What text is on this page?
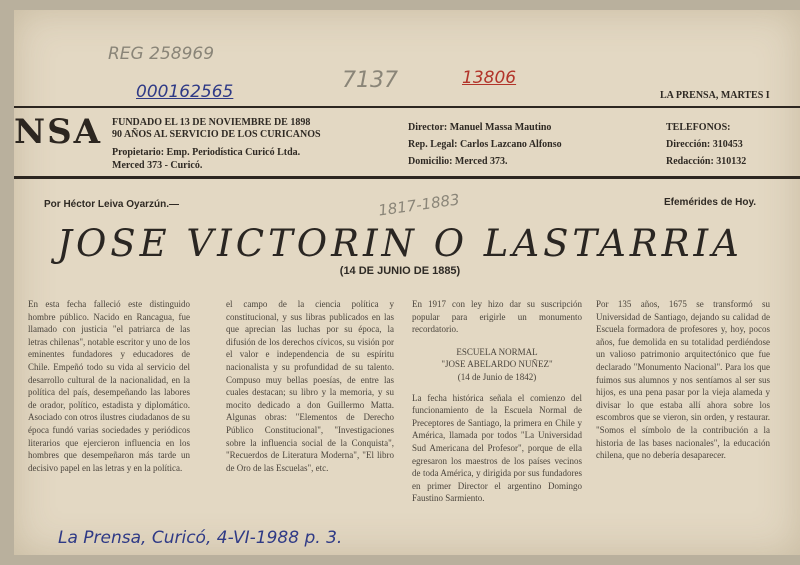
REG 258969
000162565	7137	13806
LA PRENSA, MARTES I
NSA FUNDADO EL 13 DE NOVIEMBRE DE 1898
90 AÑOS AL SERVICIO DE LOS CURICANOS
Propietario: Emp. Periodística Curicó Ltda.
Merced 373 - Curicó.
Director: Manuel Massa Mautino
Rep. Legal: Carlos Lazcano Alfonso
Domicilio: Merced 373.
TELEFONOS:
Dirección: 310453
Redacción: 310132
Por Héctor Leiva Oyarzún.—	Efemérides de Hoy.
1817-1883
JOSE VICTORIN O LASTARRIA
(14 DE JUNIO DE 1885)

En esta fecha falleció este distinguido hombre público. Nacido en Rancagua, fue llamado con justicia "el patriarca de las letras chilenas", notable escritor y uno de los eminentes fundadores y educadores de Chile. Empeñó todo su vida al servicio del desarrollo cultural de la nacionalidad, en la política del país, desempeñando las labores de orador, político, estadista y diplomático. Asociado con otros ilustres ciudadanos de su época fundó varias sociedades y periódicos literarios que ejercieron influencia en los hombres que desempeñaron más tarde un decisivo papel en las letras y en la política.

el campo de la ciencia política y constitucional, y sus libras publicados en las que aprecian las luchas por su época, la difusión de los derechos cívicos, su visión por el valor e independencia de su espíritu nacionalista y su profundidad de su talento. Compuso muy bellas poesías, de entre las cuales destacan; su libro y la memoria, y su mocito dedicado a don Guillermo Matta. Algunas obras: "Elementos de Derecho Público Constitucional", "Investigaciones sobre la influencia social de la Conquista", "Recuerdos de Literatura Moderna", "El libro de Oro de las Escuelas", etc.

En 1917 con ley hizo dar su suscripción popular para erigirle un monumento recordatorio.

ESCUELA NORMAL

"JOSE ABELARDO NUÑEZ"

(14 de Junio de 1842)

La fecha histórica señala el comienzo del funcionamiento de la Escuela Normal de Preceptores de Santiago, la primera en Chile y América, llamada por todos "La Universidad Sud Americana del Profesor", porque de ella egresaron los maestros de los países vecinos de toda América, y dirigida por sus fundadores en primer Director el argentino Domingo Faustino Sarmiento.

Por 135 años, 1675 se transformó su Universidad de Santiago, dejando su calidad de Escuela formadora de profesores y, hoy, pocos años, fue demolida en su totalidad perdiéndose un valioso patrimonio arquitectónico que fue declarado "Monumento Nacional". Para los que fuimos sus alumnos y nos sentíamos al ser sus hijos, es una pena pasar por la vieja alameda y divisar lo que estaba allí ahora sobre los escombros que se vieron, sin orden, y restaurar. "Somos el símbolo de la contribución a la historia de las bases nacionales", la educación chilena, que no debería desaparecer.

La Prensa, Curicó, 4-VI-1988 p. 3.
